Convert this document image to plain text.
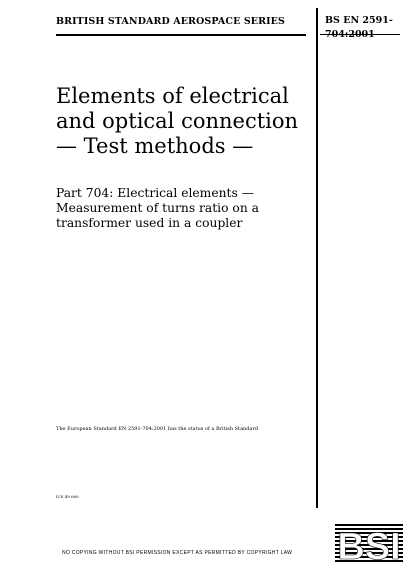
BRITISH STANDARD AEROSPACE SERIES	BS EN 2591-704:2001
Elements of electrical and optical connection — Test methods —
Part 704: Electrical elements — Measurement of turns ratio on a transformer used in a coupler
The European Standard EN 2591-704:2001 has the status of a British Standard
ICS 49.060
NO COPYING WITHOUT BSI PERMISSION EXCEPT AS PERMITTED BY COPYRIGHT LAW	BSI
